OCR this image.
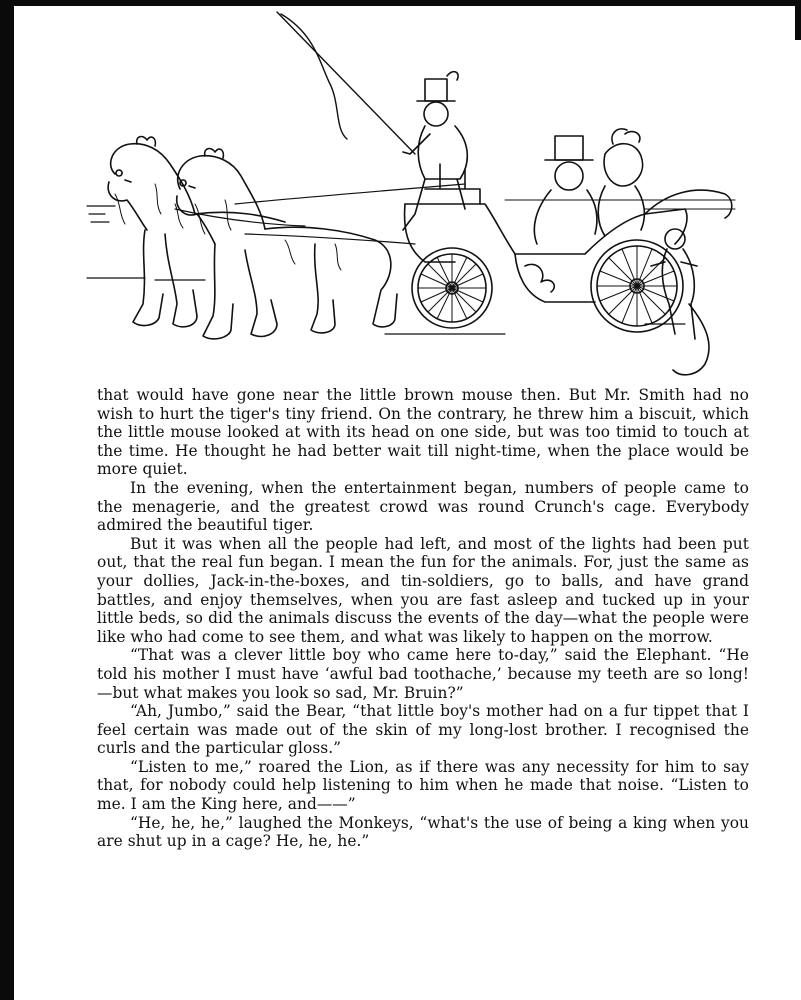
that would have gone near the little brown mouse then. But Mr. Smith had no wish to hurt the tiger's tiny friend. On the contrary, he threw him a biscuit, which the little mouse looked at with its head on one side, but was too timid to touch at the time. He thought he had better wait till night-time, when the place would be more quiet.

In the evening, when the entertainment began, numbers of people came to the menagerie, and the greatest crowd was round Crunch's cage. Everybody admired the beautiful tiger.

But it was when all the people had left, and most of the lights had been put out, that the real fun began. I mean the fun for the animals. For, just the same as your dollies, Jack-in-the-boxes, and tin-soldiers, go to balls, and have grand battles, and enjoy themselves, when you are fast asleep and tucked up in your little beds, so did the animals discuss the events of the day—what the people were like who had come to see them, and what was likely to happen on the morrow.

“That was a clever little boy who came here to-day,” said the Elephant. “He told his mother I must have ‘awful bad toothache,’ because my teeth are so long!—but what makes you look so sad, Mr. Bruin?”

“Ah, Jumbo,” said the Bear, “that little boy's mother had on a fur tippet that I feel certain was made out of the skin of my long-lost brother. I recognised the curls and the particular gloss.”

“Listen to me,” roared the Lion, as if there was any necessity for him to say that, for nobody could help listening to him when he made that noise. “Listen to me. I am the King here, and——”

“He, he, he,” laughed the Monkeys, “what's the use of being a king when you are shut up in a cage? He, he, he.”
